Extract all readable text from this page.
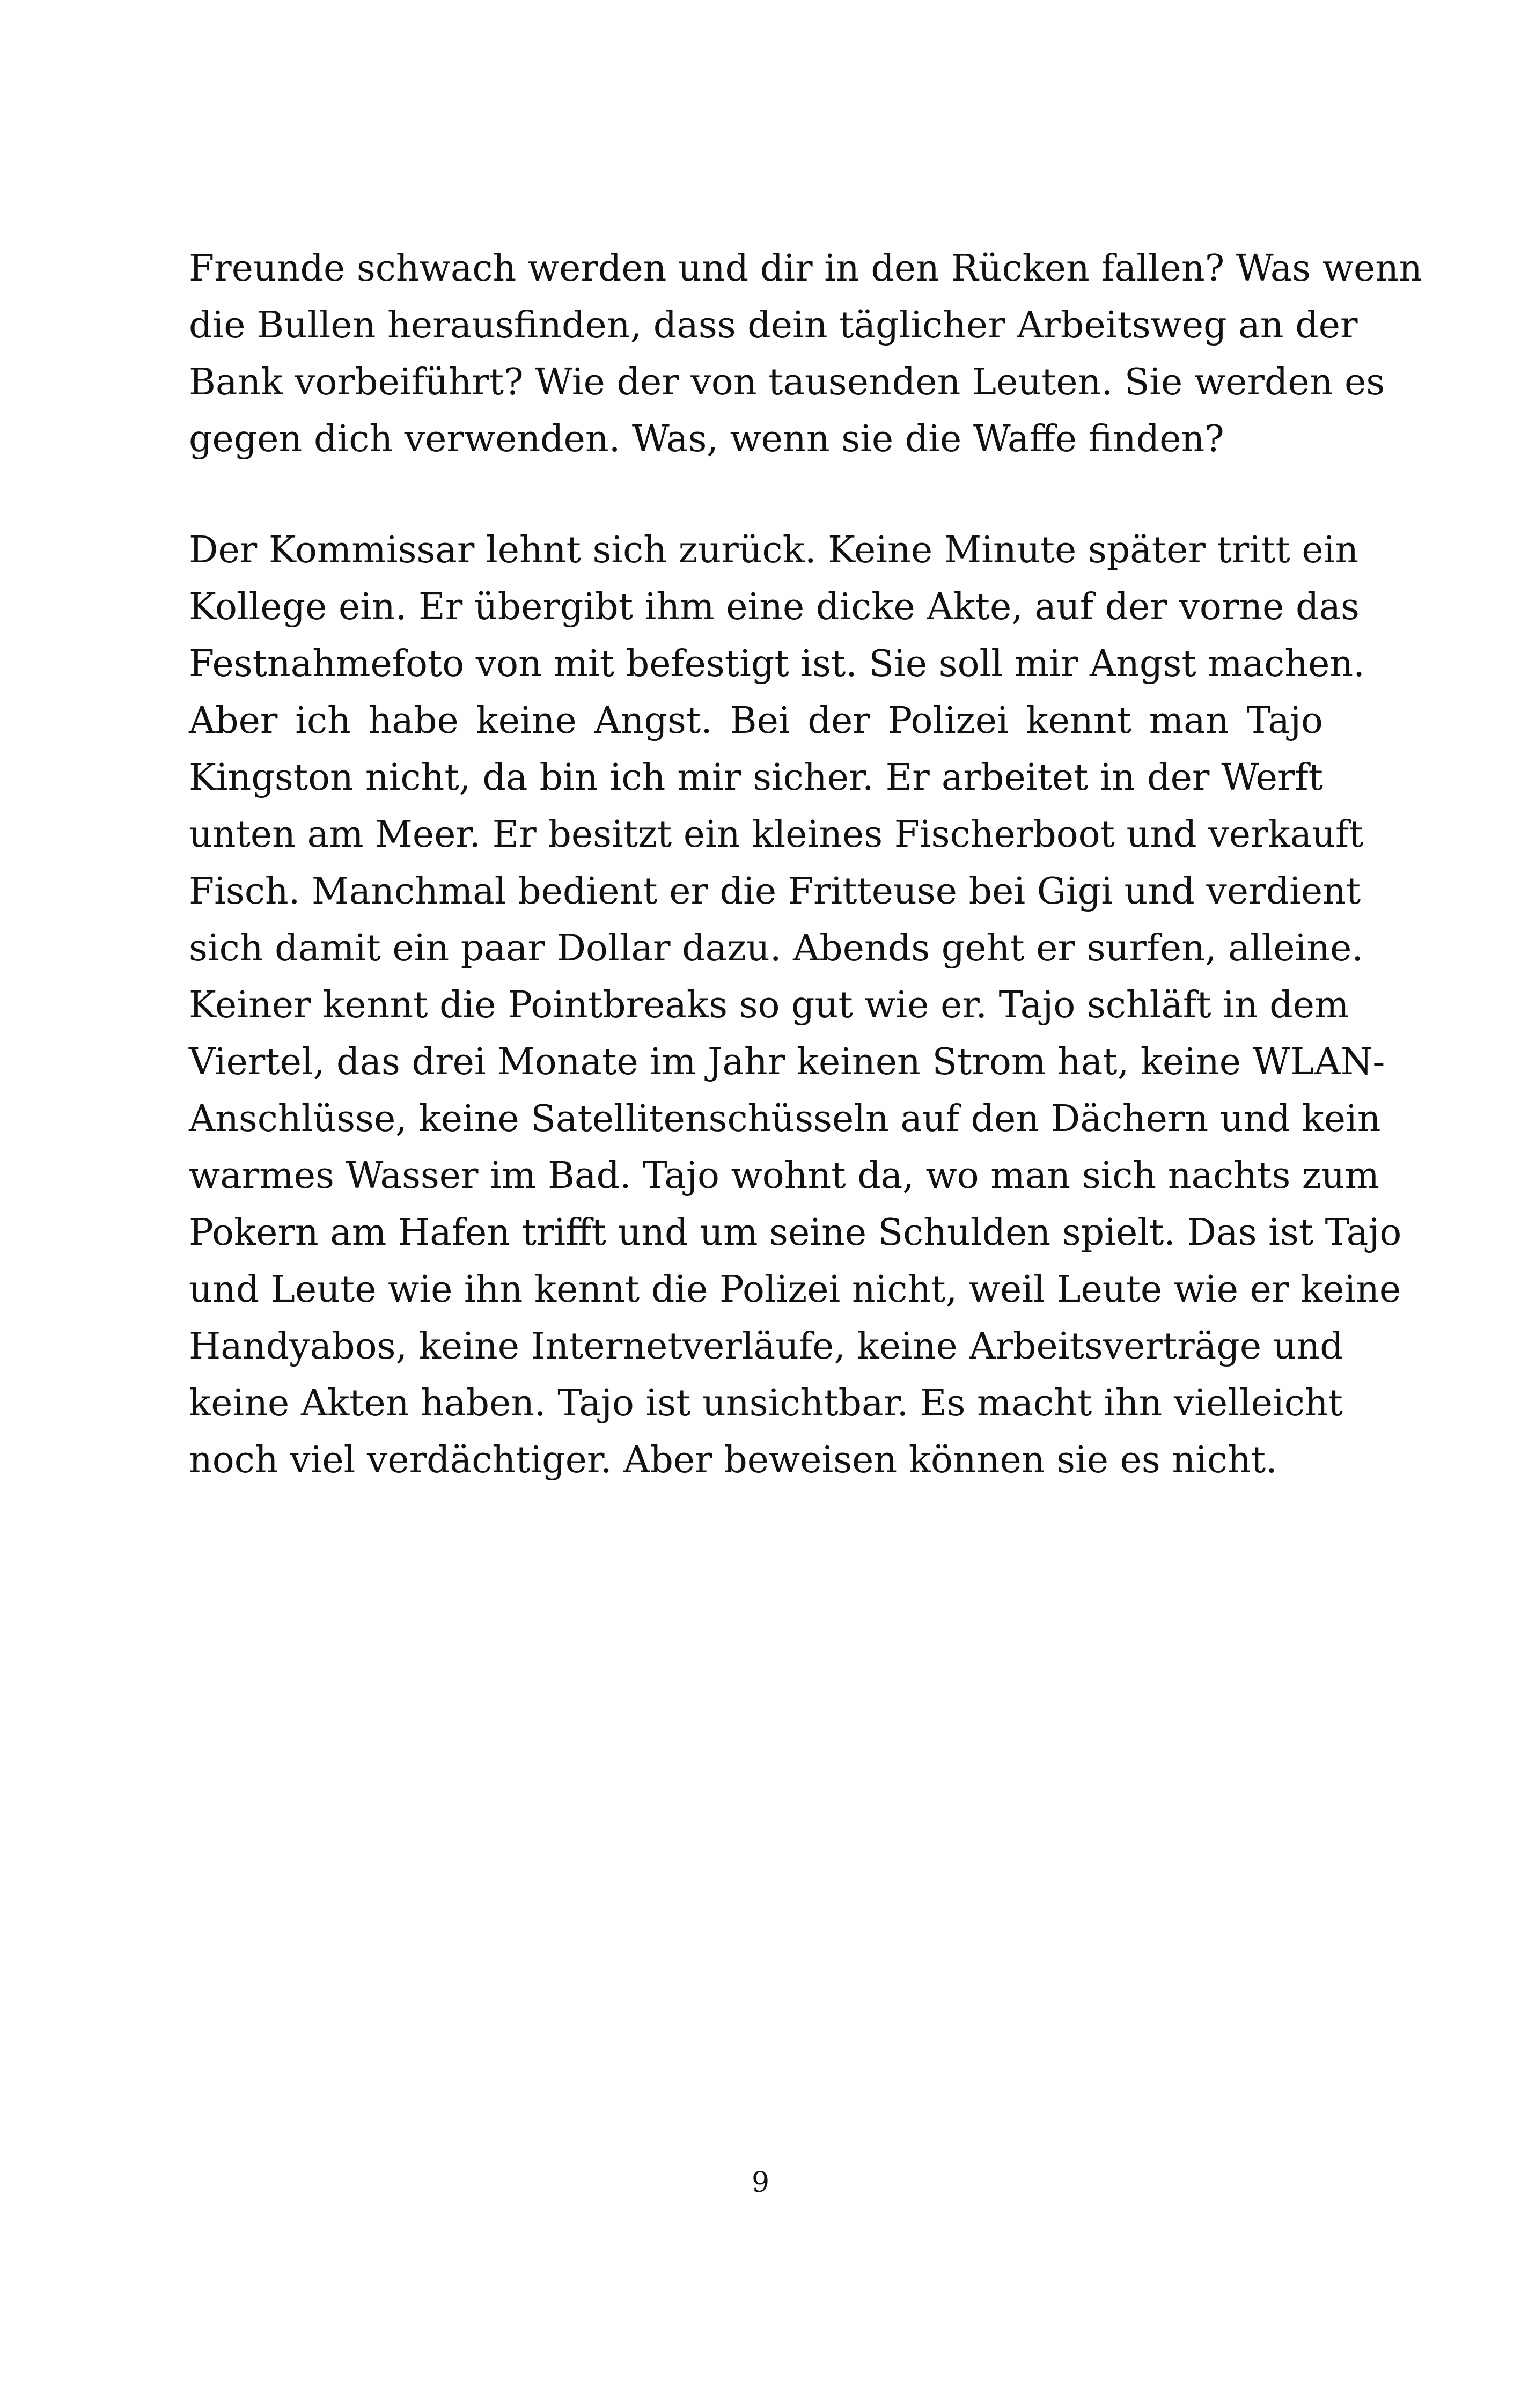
Freunde schwach werden und dir in den Rücken fallen? Was wenn
die Bullen herausfinden, dass dein täglicher Arbeitsweg an der
Bank vorbeiführt? Wie der von tausenden Leuten. Sie werden es
gegen dich verwenden. Was, wenn sie die Waffe finden?
Der Kommissar lehnt sich zurück. Keine Minute später tritt ein
Kollege ein. Er übergibt ihm eine dicke Akte, auf der vorne das
Festnahmefoto von mit befestigt ist. Sie soll mir Angst machen.
Aber ich habe keine Angst. Bei der Polizei kennt man Tajo
Kingston nicht, da bin ich mir sicher. Er arbeitet in der Werft
unten am Meer. Er besitzt ein kleines Fischerboot und verkauft
Fisch. Manchmal bedient er die Fritteuse bei Gigi und verdient
sich damit ein paar Dollar dazu. Abends geht er surfen, alleine.
Keiner kennt die Pointbreaks so gut wie er. Tajo schläft in dem
Viertel, das drei Monate im Jahr keinen Strom hat, keine WLAN-
Anschlüsse, keine Satellitenschüsseln auf den Dächern und kein
warmes Wasser im Bad. Tajo wohnt da, wo man sich nachts zum
Pokern am Hafen trifft und um seine Schulden spielt. Das ist Tajo
und Leute wie ihn kennt die Polizei nicht, weil Leute wie er keine
Handyabos, keine Internetverläufe, keine Arbeitsverträge und
keine Akten haben. Tajo ist unsichtbar. Es macht ihn vielleicht
noch viel verdächtiger. Aber beweisen können sie es nicht.
9
